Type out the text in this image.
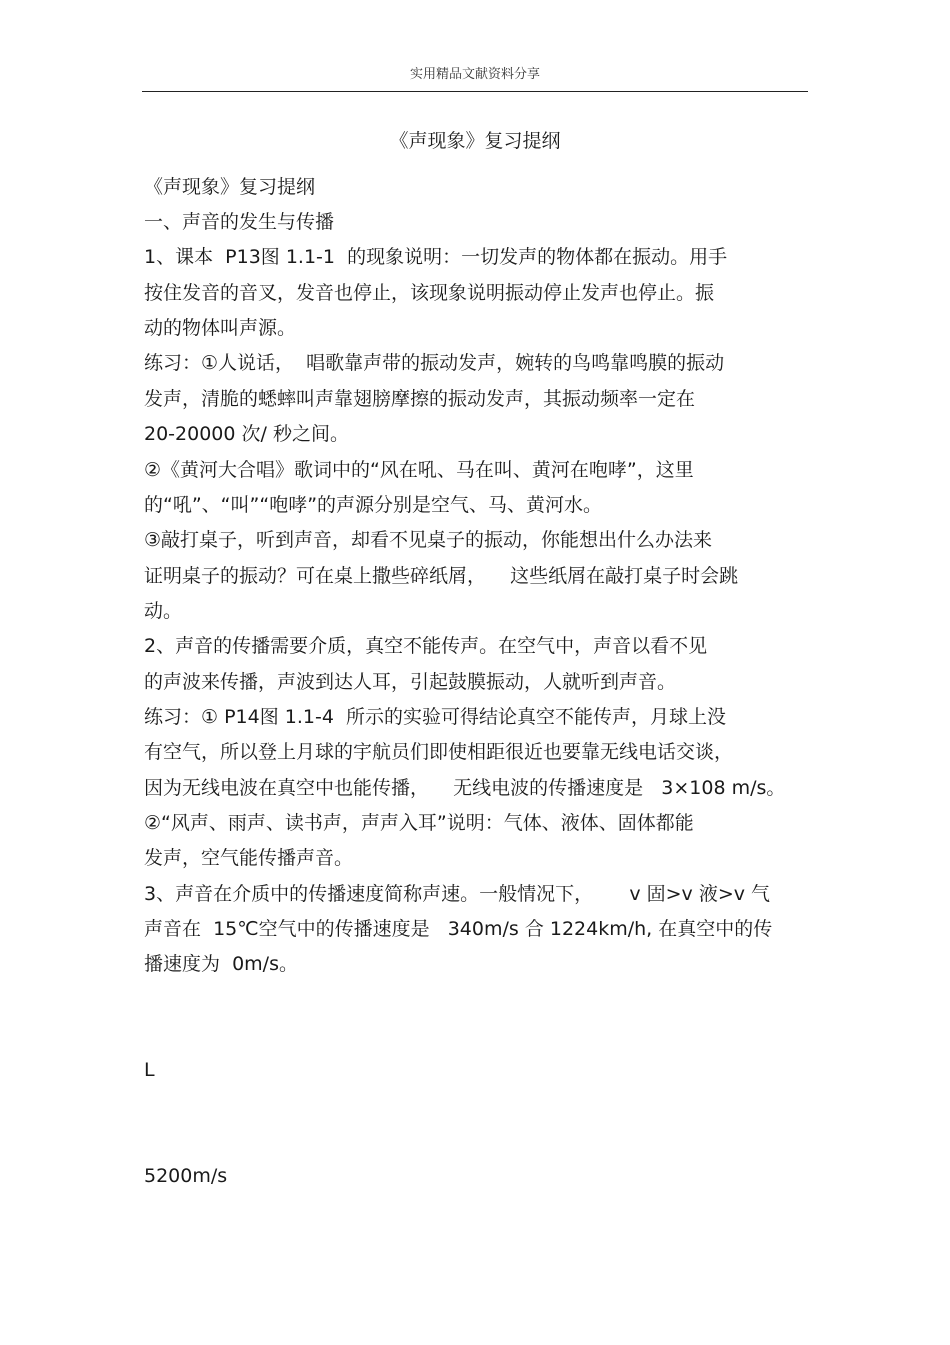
实用精品文献资料分享
《声现象》复习提纲

《声现象》复习提纲

一、声音的发生与传播

1、课本  P13图 1.1-1  的现象说明：一切发声的物体都在振动。用手

按住发音的音叉，发音也停止，该现象说明振动停止发声也停止。振

动的物体叫声源。

练习：①人说话，  唱歌靠声带的振动发声，婉转的鸟鸣靠鸣膜的振动

发声，清脆的蟋蟀叫声靠翅膀摩擦的振动发声，其振动频率一定在

20-20000 次/ 秒之间。

②《黄河大合唱》歌词中的“风在吼、马在叫、黄河在咆哮”，这里

的“吼”、“叫”“咆哮”的声源分别是空气、马、黄河水。

③敲打桌子，听到声音，却看不见桌子的振动，你能想出什么办法来

证明桌子的振动？可在桌上撒些碎纸屑，    这些纸屑在敲打桌子时会跳

动。

2、声音的传播需要介质，真空不能传声。在空气中，声音以看不见

的声波来传播，声波到达人耳，引起鼓膜振动，人就听到声音。

练习：① P14图 1.1-4  所示的实验可得结论真空不能传声，月球上没

有空气，所以登上月球的宇航员们即使相距很近也要靠无线电话交谈，

因为无线电波在真空中也能传播，    无线电波的传播速度是   3×108 m/s。

②“风声、雨声、读书声，声声入耳”说明：气体、液体、固体都能

发声，空气能传播声音。

3、声音在介质中的传播速度简称声速。一般情况下，      v 固>v 液>v 气

声音在  15℃空气中的传播速度是   340m/s 合 1224km/h, 在真空中的传

播速度为  0m/s。

L

5200m/s
